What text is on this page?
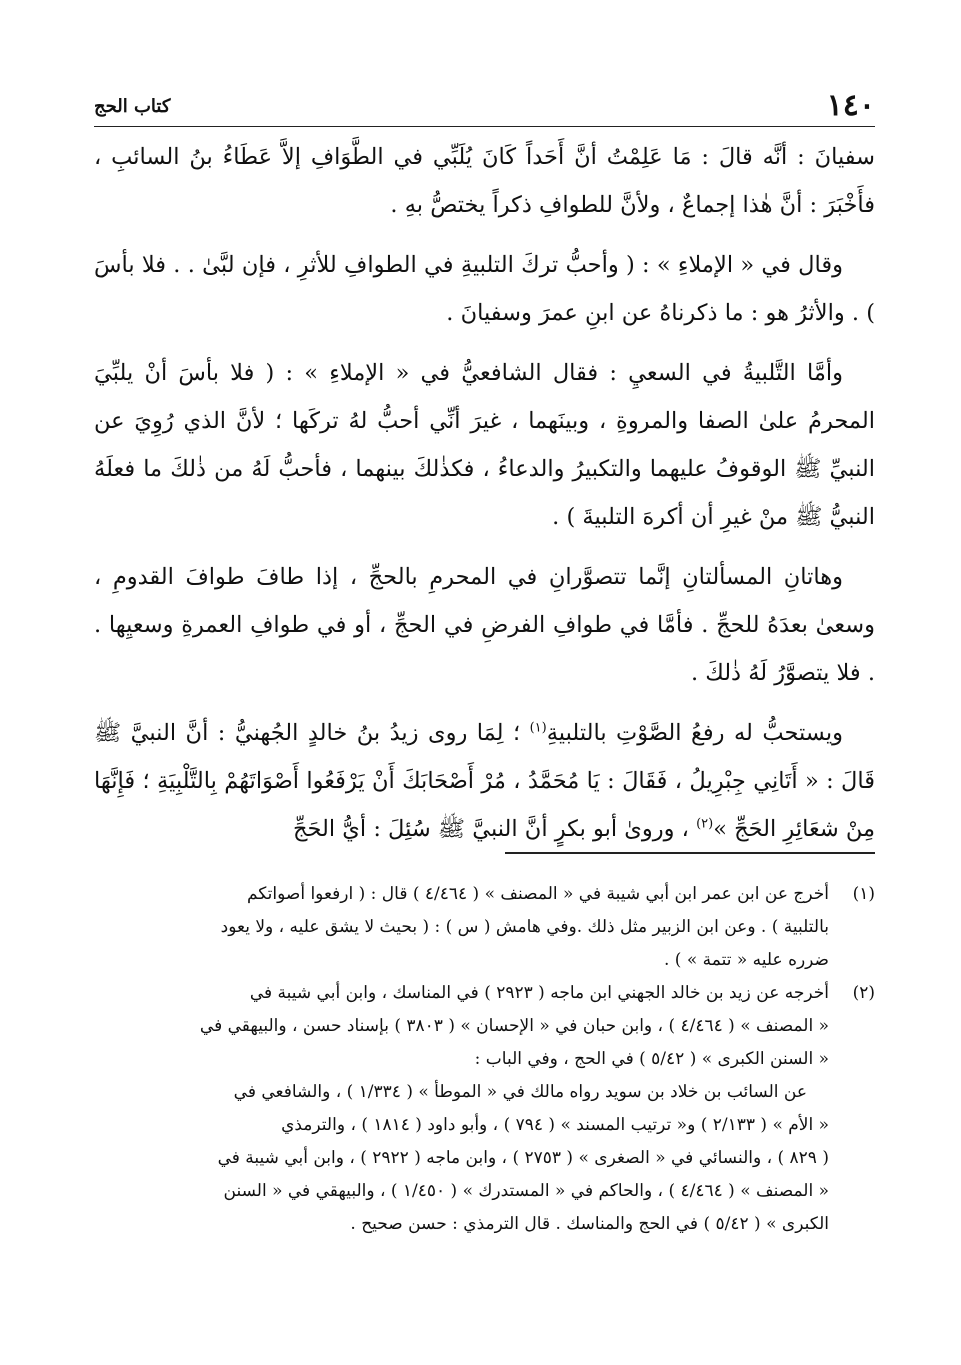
١٤٠
كتاب الحج

سفيانَ : أنَّه قالَ : مَا عَلِمْتُ أنَّ أَحَداً كَانَ يُلَبِّي في الطَّوَافِ إلاَّ عَطَاءُ بنُ السائبِ ، فأَخْبَرَ : أنَّ هٰذا إجماعٌ ، ولأنَّ للطوافِ ذكراً يختصُّ بهِ .

وقال في « الإملاءِ » : ( وأحبُّ تركَ التلبيةِ في الطوافِ للأثرِ ، فإن لبَّىٰ . . فلا بأسَ ) . والأثرُ هو : ما ذكرناهُ عن ابنِ عمرَ وسفيانَ .

وأمَّا التَّلبيةُ في السعيِ : فقال الشافعيُّ في « الإملاءِ » : ( فلا بأسَ أنْ يلبِّيَ المحرمُ علىٰ الصفا والمروةِ ، وبينَهما ، غيرَ أنِّي أحبُّ لهُ تركَها ؛ لأنَّ الذي رُوِيَ عن النبيِّ ﷺ الوقوفُ عليهما والتكبيرُ والدعاءُ ، فكذٰلكَ بينهما ، فأحبُّ لَهُ من ذٰلكَ ما فعلَهُ النبيُّ ﷺ منْ غيرِ أن أكرهَ التلبيةَ ) .

وهاتانِ المسألتانِ إنَّما تتصوَّرانِ في المحرمِ بالحجِّ ، إذا طافَ طوافَ القدومِ ، وسعىٰ بعدَهُ للحجِّ . فأمَّا في طوافِ الفرضِ في الحجِّ ، أو في طوافِ العمرةِ وسعيِها . . فلا يتصوَّرُ لَهُ ذٰلكَ .

ويستحبُّ له رفعُ الصَّوْتِ بالتلبيةِ$^{(١)}$ ؛ لِمَا روى زيدُ بنُ خالدٍ الجُهنيُّ : أنَّ النبيَّ ﷺ قَالَ : « أَتَانِي جِبْرِيلُ ، فَقَالَ : يَا مُحَمَّدُ ، مُرْ أَصْحَابَكَ أَنْ يَرْفَعُوا أَصْوَاتَهُمْ بِالتَّلْبِيَةِ ؛ فَإِنَّهَا مِنْ شعَائِرِ الحَجِّ »$^{(٢)}$ ، وروىٰ أبو بكرٍ أنَّ النبيَّ ﷺ سُئِلَ : أيُّ الحَجِّ

(١)
أخرج عن ابن عمر ابن أبي شيبة في « المصنف » ( ٤/٤٦٤ ) قال : ( ارفعوا أصواتكم
بالتلبية ) . وعن ابن الزبير مثل ذلك .وفي هامش ( س ) : ( بحيث لا يشق عليه ، ولا يعود
ضرره عليه « تتمة » ) .
(٢)
أخرجه عن زيد بن خالد الجهني ابن ماجه ( ٢٩٢٣ ) في المناسك ، وابن أبي شيبة في
« المصنف » ( ٤/٤٦٤ ) ، وابن حبان في « الإحسان » ( ٣٨٠٣ ) بإسناد حسن ، والبيهقي في
« السنن الكبرى » ( ٥/٤٢ ) في الحج ، وفي الباب :
عن السائب بن خلاد بن سويد رواه مالك في « الموطأ » ( ١/٣٣٤ ) ، والشافعي في
« الأم » ( ٢/١٣٣ ) و« ترتيب المسند » ( ٧٩٤ ) ، وأبو داود ( ١٨١٤ ) ، والترمذي
( ٨٢٩ ) ، والنسائي في « الصغرى » ( ٢٧٥٣ ) ، وابن ماجه ( ٢٩٢٢ ) ، وابن أبي شيبة في
« المصنف » ( ٤/٤٦٤ ) ، والحاكم في « المستدرك » ( ١/٤٥٠ ) ، والبيهقي في « السنن
الكبرى » ( ٥/٤٢ ) في الحج والمناسك . قال الترمذي : حسن صحيح .
